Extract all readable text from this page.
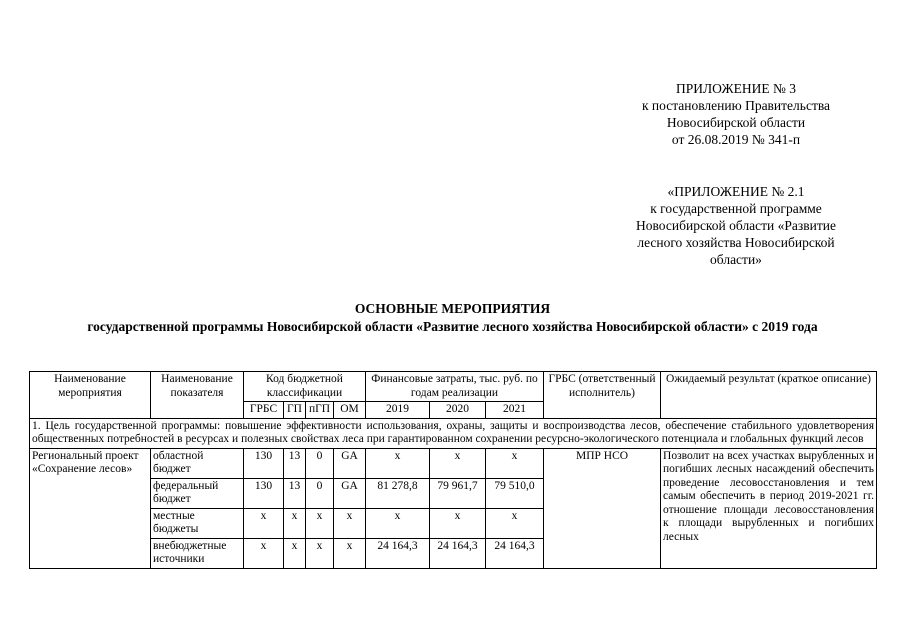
ПРИЛОЖЕНИЕ № 3
к постановлению Правительства
Новосибирской области
от 26.08.2019 № 341-п
«ПРИЛОЖЕНИЕ № 2.1
к государственной программе
Новосибирской области «Развитие
лесного хозяйства Новосибирской
области»
ОСНОВНЫЕ МЕРОПРИЯТИЯ
государственной программы Новосибирской области «Развитие лесного хозяйства Новосибирской области» с 2019 года
Наименование мероприятия	Наименование показателя	Код бюджетной классификации				Финансовые затраты, тыс. руб. по годам реализации			ГРБС (ответственный исполнитель)	Ожидаемый результат (краткое описание)
		ГРБС	ГП	пГП	ОМ	2019	2020	2021		
1. Цель государственной программы: повышение эффективности использования, охраны, защиты и воспроизводства лесов, обеспечение стабильного удовлетворения общественных потребностей в ресурсах и полезных свойствах леса при гарантированном сохранении ресурсно-экологического потенциала и глобальных функций лесов										
Региональный проект «Сохранение лесов»	областной бюджет	130	13	0	GA	х	х	х	МПР НСО	Позволит на всех участках вырубленных и погибших лесных насаждений обеспечить проведение лесовосстановления и тем самым обеспечить в период 2019-2021 гг. отношение площади лесовосстановления к площади вырубленных и погибших лесных
	федеральный бюджет	130	13	0	GA	81 278,8	79 961,7	79 510,0		
	местные бюджеты	х	х	х	х	х	х	х		
	внебюджетные источники	х	х	х	х	24 164,3	24 164,3	24 164,3		
